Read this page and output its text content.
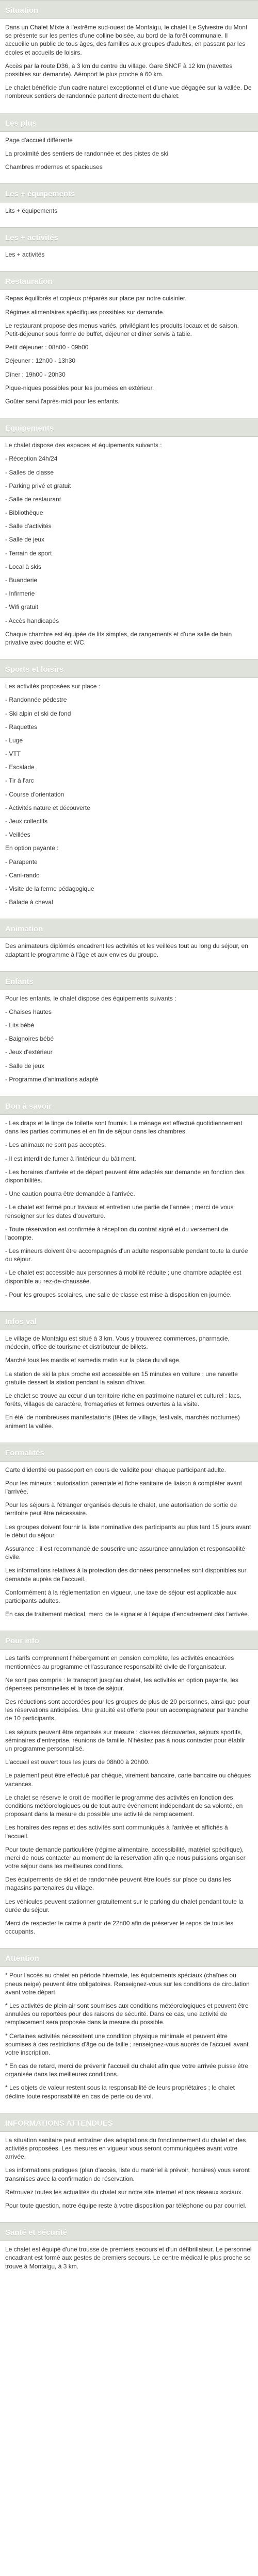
Situation

Dans un Chalet Mixte à l'extrême sud-ouest de Montaigu, le chalet Le Sylvestre du Mont se présente sur les pentes d'une colline boisée, au bord de la forêt communale. Il accueille un public de tous âges, des familles aux groupes d'adultes, en passant par les écoles et accueils de loisirs.

Accès par la route D36, à 3 km du centre du village. Gare SNCF à 12 km (navettes possibles sur demande). Aéroport le plus proche à 60 km.

Le chalet bénéficie d'un cadre naturel exceptionnel et d'une vue dégagée sur la vallée. De nombreux sentiers de randonnée partent directement du chalet.

Les plus

Page d'accueil différente

La proximité des sentiers de randonnée et des pistes de ski

Chambres modernes et spacieuses

Les + équipements

Lits + équipements

Les + activités

Les + activités

Restauration

Repas équilibrés et copieux préparés sur place par notre cuisinier.

Régimes alimentaires spécifiques possibles sur demande.

Le restaurant propose des menus variés, privilégiant les produits locaux et de saison. Petit-déjeuner sous forme de buffet, déjeuner et dîner servis à table.

Petit déjeuner : 08h00 - 09h00

Déjeuner : 12h00 - 13h30

Dîner : 19h00 - 20h30

Pique-niques possibles pour les journées en extérieur.

Goûter servi l'après-midi pour les enfants.

Equipements

Le chalet dispose des espaces et équipements suivants :

- Réception 24h/24

- Salles de classe

- Parking privé et gratuit

- Salle de restaurant

- Bibliothèque

- Salle d'activités

- Salle de jeux

- Terrain de sport

- Local à skis

- Buanderie

- Infirmerie

- Wifi gratuit

- Accès handicapés

Chaque chambre est équipée de lits simples, de rangements et d'une salle de bain privative avec douche et WC.

Sports et loisirs

Les activités proposées sur place :

- Randonnée pédestre

- Ski alpin et ski de fond

- Raquettes

- Luge

- VTT

- Escalade

- Tir à l'arc

- Course d'orientation

- Activités nature et découverte

- Jeux collectifs

- Veillées

En option payante :

- Parapente

- Cani-rando

- Visite de la ferme pédagogique

- Balade à cheval

Animation

Des animateurs diplômés encadrent les activités et les veillées tout au long du séjour, en adaptant le programme à l'âge et aux envies du groupe.

Enfants

Pour les enfants, le chalet dispose des équipements suivants :

- Chaises hautes

- Lits bébé

- Baignoires bébé

- Jeux d'extérieur

- Salle de jeux

- Programme d'animations adapté

Bon à savoir

- Les draps et le linge de toilette sont fournis. Le ménage est effectué quotidiennement dans les parties communes et en fin de séjour dans les chambres.

- Les animaux ne sont pas acceptés.

- Il est interdit de fumer à l'intérieur du bâtiment.

- Les horaires d'arrivée et de départ peuvent être adaptés sur demande en fonction des disponibilités.

- Une caution pourra être demandée à l'arrivée.

- Le chalet est fermé pour travaux et entretien une partie de l'année ; merci de vous renseigner sur les dates d'ouverture.

- Toute réservation est confirmée à réception du contrat signé et du versement de l'acompte.

- Les mineurs doivent être accompagnés d'un adulte responsable pendant toute la durée du séjour.

- Le chalet est accessible aux personnes à mobilité réduite ; une chambre adaptée est disponible au rez-de-chaussée.

- Pour les groupes scolaires, une salle de classe est mise à disposition en journée.

Infos val

Le village de Montaigu est situé à 3 km. Vous y trouverez commerces, pharmacie, médecin, office de tourisme et distributeur de billets.

Marché tous les mardis et samedis matin sur la place du village.

La station de ski la plus proche est accessible en 15 minutes en voiture ; une navette gratuite dessert la station pendant la saison d'hiver.

Le chalet se trouve au cœur d'un territoire riche en patrimoine naturel et culturel : lacs, forêts, villages de caractère, fromageries et fermes ouvertes à la visite.

En été, de nombreuses manifestations (fêtes de village, festivals, marchés nocturnes) animent la vallée.

Formalités

Carte d'identité ou passeport en cours de validité pour chaque participant adulte.

Pour les mineurs : autorisation parentale et fiche sanitaire de liaison à compléter avant l'arrivée.

Pour les séjours à l'étranger organisés depuis le chalet, une autorisation de sortie de territoire peut être nécessaire.

Les groupes doivent fournir la liste nominative des participants au plus tard 15 jours avant le début du séjour.

Assurance : il est recommandé de souscrire une assurance annulation et responsabilité civile.

Les informations relatives à la protection des données personnelles sont disponibles sur demande auprès de l'accueil.

Conformément à la réglementation en vigueur, une taxe de séjour est applicable aux participants adultes.

En cas de traitement médical, merci de le signaler à l'équipe d'encadrement dès l'arrivée.

Pour info

Les tarifs comprennent l'hébergement en pension complète, les activités encadrées mentionnées au programme et l'assurance responsabilité civile de l'organisateur.

Ne sont pas compris : le transport jusqu'au chalet, les activités en option payante, les dépenses personnelles et la taxe de séjour.

Des réductions sont accordées pour les groupes de plus de 20 personnes, ainsi que pour les réservations anticipées. Une gratuité est offerte pour un accompagnateur par tranche de 10 participants.

Les séjours peuvent être organisés sur mesure : classes découvertes, séjours sportifs, séminaires d'entreprise, réunions de famille. N'hésitez pas à nous contacter pour établir un programme personnalisé.

L'accueil est ouvert tous les jours de 08h00 à 20h00.

Le paiement peut être effectué par chèque, virement bancaire, carte bancaire ou chèques vacances.

Le chalet se réserve le droit de modifier le programme des activités en fonction des conditions météorologiques ou de tout autre événement indépendant de sa volonté, en proposant dans la mesure du possible une activité de remplacement.

Les horaires des repas et des activités sont communiqués à l'arrivée et affichés à l'accueil.

Pour toute demande particulière (régime alimentaire, accessibilité, matériel spécifique), merci de nous contacter au moment de la réservation afin que nous puissions organiser votre séjour dans les meilleures conditions.

Des équipements de ski et de randonnée peuvent être loués sur place ou dans les magasins partenaires du village.

Les véhicules peuvent stationner gratuitement sur le parking du chalet pendant toute la durée du séjour.

Merci de respecter le calme à partir de 22h00 afin de préserver le repos de tous les occupants.

Attention

* Pour l'accès au chalet en période hivernale, les équipements spéciaux (chaînes ou pneus neige) peuvent être obligatoires. Renseignez-vous sur les conditions de circulation avant votre départ.

* Les activités de plein air sont soumises aux conditions météorologiques et peuvent être annulées ou reportées pour des raisons de sécurité. Dans ce cas, une activité de remplacement sera proposée dans la mesure du possible.

* Certaines activités nécessitent une condition physique minimale et peuvent être soumises à des restrictions d'âge ou de taille ; renseignez-vous auprès de l'accueil avant votre inscription.

* En cas de retard, merci de prévenir l'accueil du chalet afin que votre arrivée puisse être organisée dans les meilleures conditions.

* Les objets de valeur restent sous la responsabilité de leurs propriétaires ; le chalet décline toute responsabilité en cas de perte ou de vol.

INFORMATIONS ATTENDUES

La situation sanitaire peut entraîner des adaptations du fonctionnement du chalet et des activités proposées. Les mesures en vigueur vous seront communiquées avant votre arrivée.

Les informations pratiques (plan d'accès, liste du matériel à prévoir, horaires) vous seront transmises avec la confirmation de réservation.

Retrouvez toutes les actualités du chalet sur notre site internet et nos réseaux sociaux.

Pour toute question, notre équipe reste à votre disposition par téléphone ou par courriel.

Santé et sécurité

Le chalet est équipé d'une trousse de premiers secours et d'un défibrillateur. Le personnel encadrant est formé aux gestes de premiers secours. Le centre médical le plus proche se trouve à Montaigu, à 3 km.
